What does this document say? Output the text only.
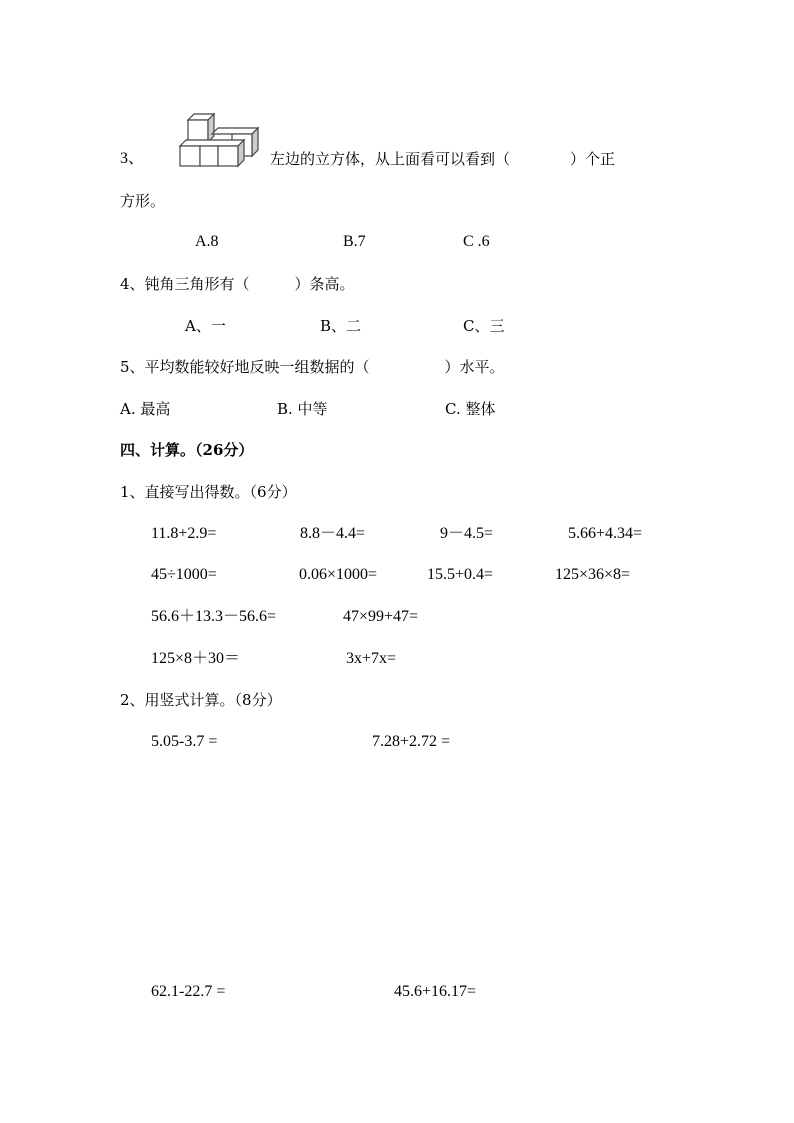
3、	左边的立方体，从上面看可以看到（　　　　）个正
方形。
A.8	B.7	C .6
4、钝角三角形有（　　　）条高。
A、一	B、二	C、三
5、平均数能较好地反映一组数据的（　　　　　）水平。
A. 最高	B. 中等	C. 整体
四、计算。（26分）
1、直接写出得数。（6分）
11.8+2.9=	8.8－4.4=	9－4.5=	5.66+4.34=
45÷1000=	0.06×1000=	15.5+0.4=	125×36×8=
56.6＋13.3－56.6=	47×99+47=
125×8＋30＝	3x+7x=
2、用竖式计算。（8分）
5.05-3.7 =	7.28+2.72 =
62.1-22.7 =	45.6+16.17=
